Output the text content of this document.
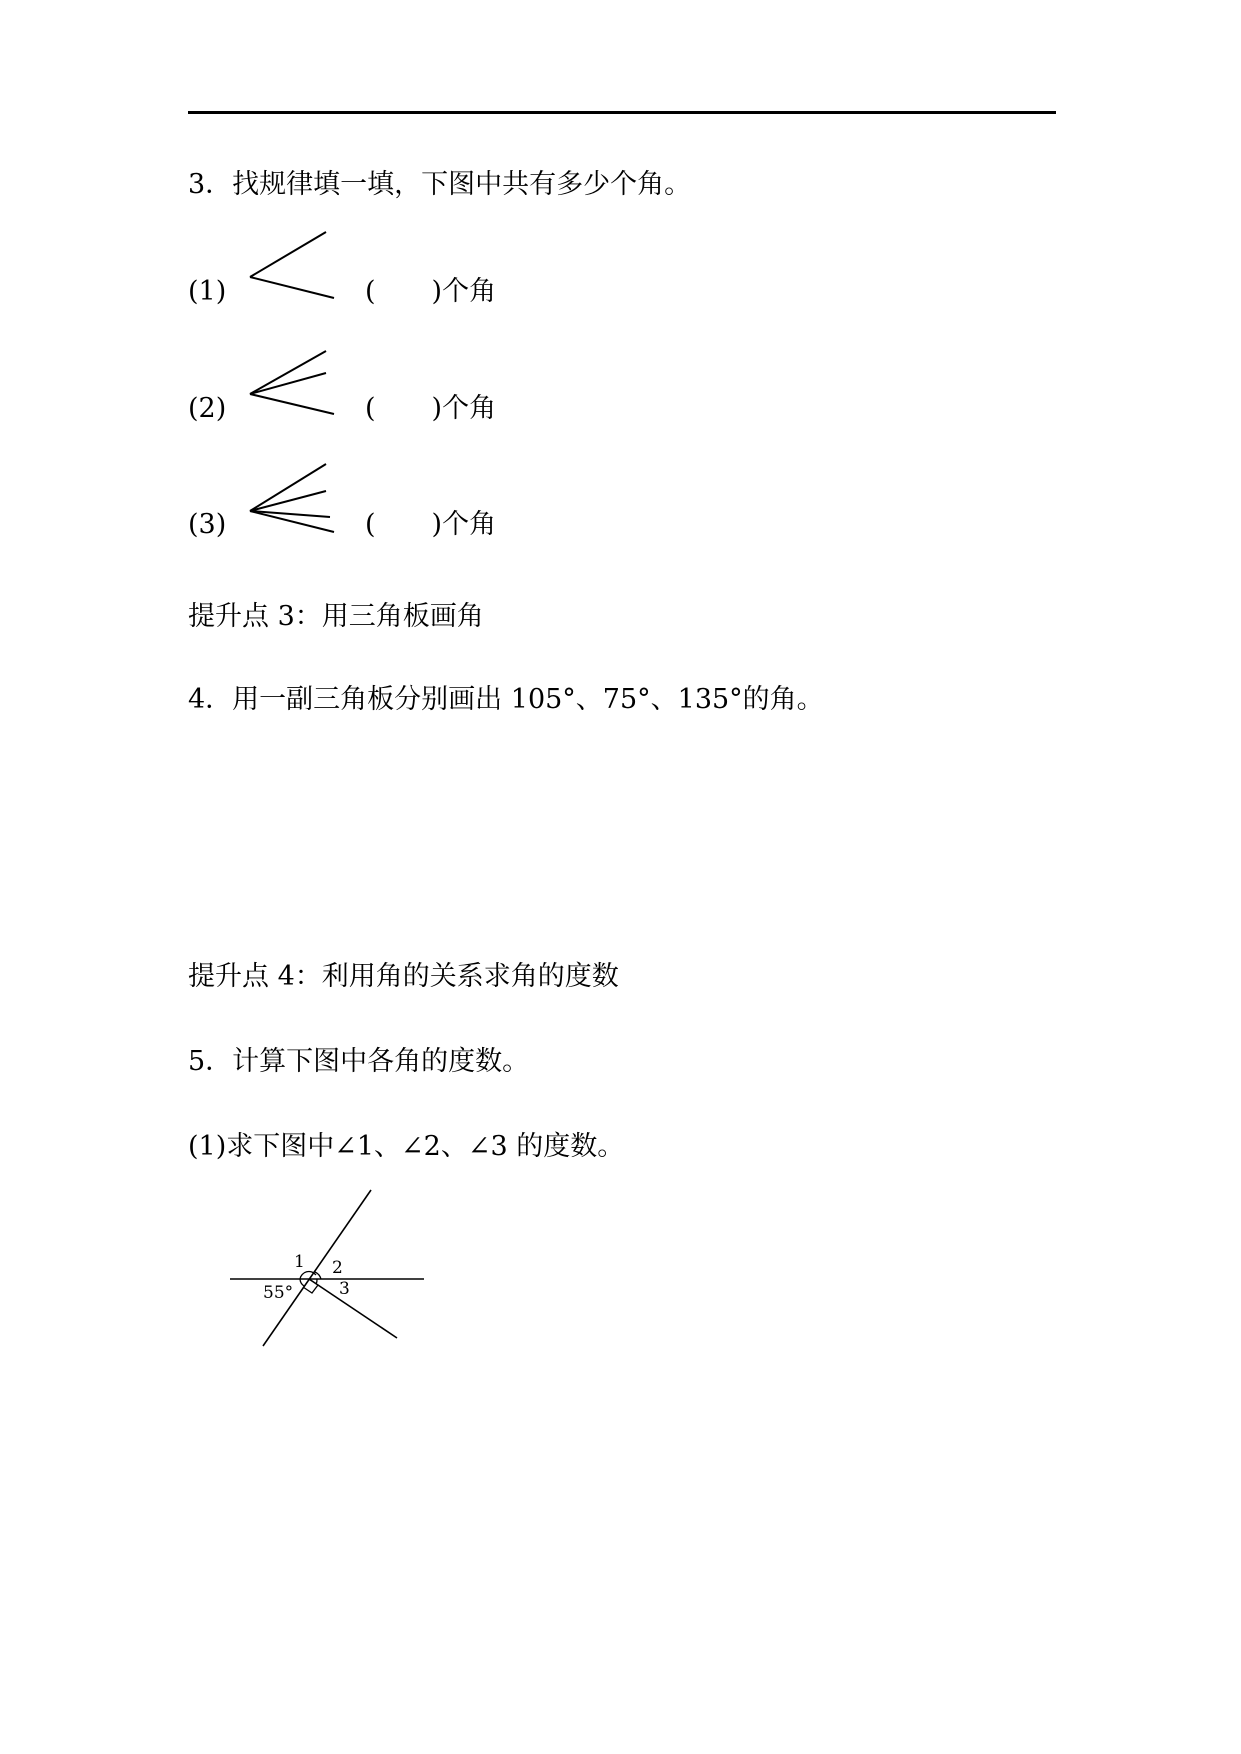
3．找规律填一填，下图中共有多少个角。
(1)	( )个角
(2)	( )个角
(3)	( )个角
提升点 3：用三角板画角
4．用一副三角板分别画出 105°、75°、135°的角。
提升点 4：利用角的关系求角的度数
5．计算下图中各角的度数。
(1)求下图中∠1、∠2、∠3 的度数。
1 2
3
55°
